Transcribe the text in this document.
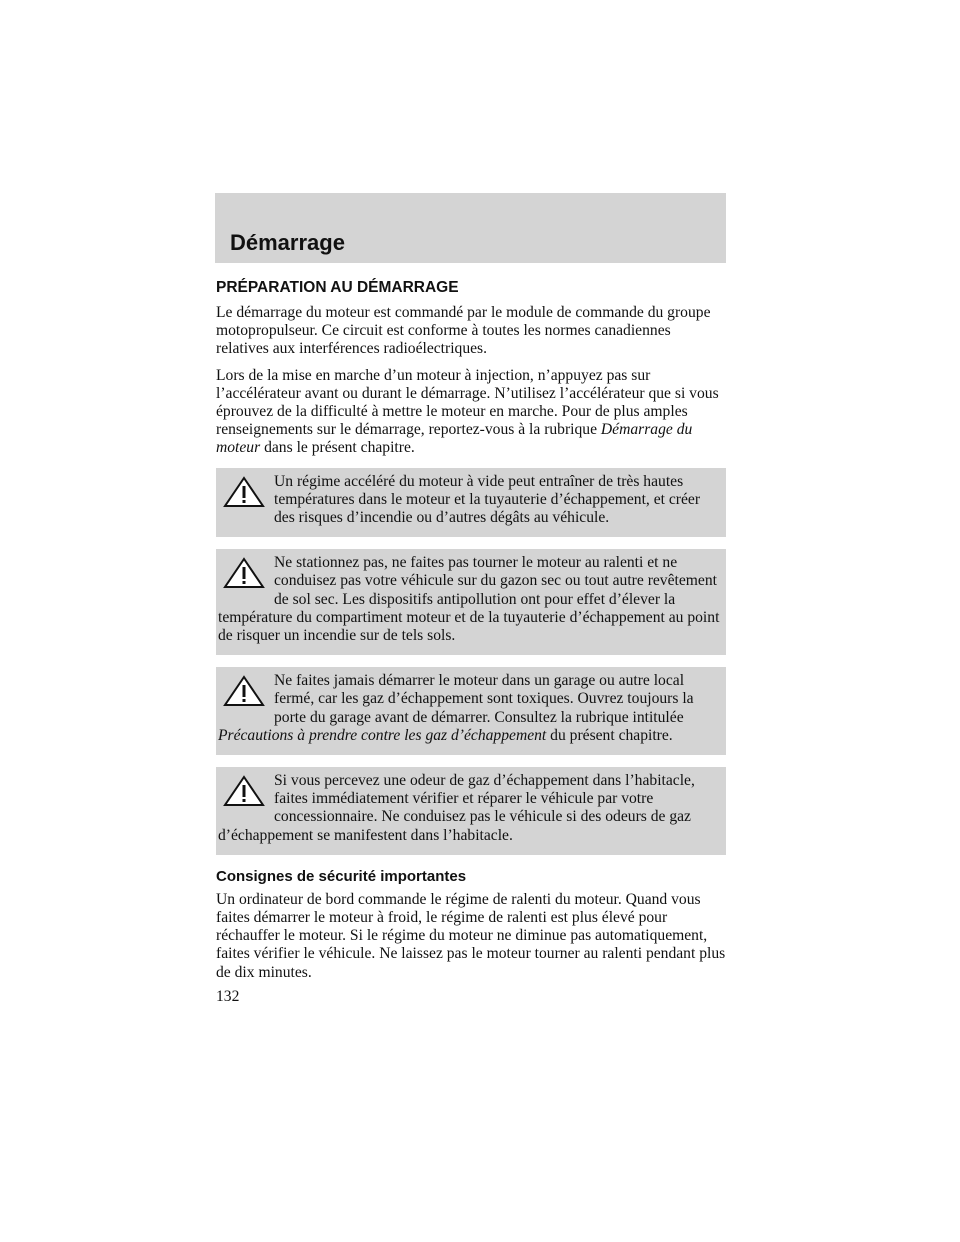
Démarrage
PRÉPARATION AU DÉMARRAGE

Le démarrage du moteur est commandé par le module de commande du groupe motopropulseur. Ce circuit est conforme à toutes les normes canadiennes relatives aux interférences radioélectriques.

Lors de la mise en marche d’un moteur à injection, n’appuyez pas sur l’accélérateur avant ou durant le démarrage. N’utilisez l’accélérateur que si vous éprouvez de la difficulté à mettre le moteur en marche. Pour de plus amples renseignements sur le démarrage, reportez-vous à la rubrique Démarrage du moteur dans le présent chapitre.

Un régime accéléré du moteur à vide peut entraîner de très hautes températures dans le moteur et la tuyauterie d’échappement, et créer des risques d’incendie ou d’autres dégâts au véhicule.
Ne stationnez pas, ne faites pas tourner le moteur au ralenti et ne conduisez pas votre véhicule sur du gazon sec ou tout autre revêtement de sol sec. Les dispositifs antipollution ont pour effet d’élever la température du compartiment moteur et de la tuyauterie d’échappement au point de risquer un incendie sur de tels sols.
Ne faites jamais démarrer le moteur dans un garage ou autre local fermé, car les gaz d’échappement sont toxiques. Ouvrez toujours la porte du garage avant de démarrer. Consultez la rubrique intitulée Précautions à prendre contre les gaz d’échappement du présent chapitre.
Si vous percevez une odeur de gaz d’échappement dans l’habitacle, faites immédiatement vérifier et réparer le véhicule par votre concessionnaire. Ne conduisez pas le véhicule si des odeurs de gaz d’échappement se manifestent dans l’habitacle.
Consignes de sécurité importantes

Un ordinateur de bord commande le régime de ralenti du moteur. Quand vous faites démarrer le moteur à froid, le régime de ralenti est plus élevé pour réchauffer le moteur. Si le régime du moteur ne diminue pas automatiquement, faites vérifier le véhicule. Ne laissez pas le moteur tourner au ralenti pendant plus de dix minutes.

132
